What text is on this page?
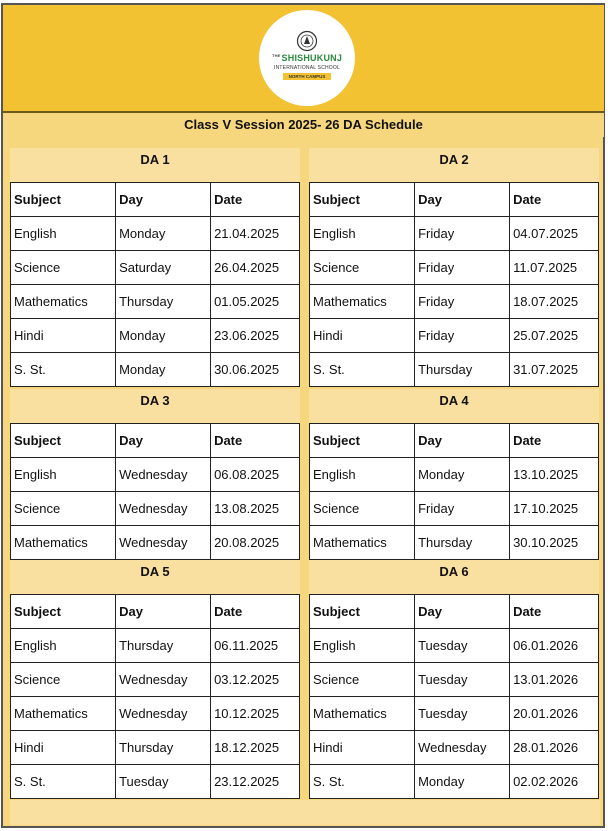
$^{THE}$SHISHUKUNJ
INTERNATIONAL SCHOOL
NORTH CAMPUS
Class V Session 2025- 26 DA Schedule
DA 1
Subject	Day	Date
English	Monday	21.04.2025
Science	Saturday	26.04.2025
Mathematics	Thursday	01.05.2025
Hindi	Monday	23.06.2025
S. St.	Monday	30.06.2025
DA 2
Subject	Day	Date
English	Friday	04.07.2025
Science	Friday	11.07.2025
Mathematics	Friday	18.07.2025
Hindi	Friday	25.07.2025
S. St.	Thursday	31.07.2025
DA 3
Subject	Day	Date
English	Wednesday	06.08.2025
Science	Wednesday	13.08.2025
Mathematics	Wednesday	20.08.2025
DA 4
Subject	Day	Date
English	Monday	13.10.2025
Science	Friday	17.10.2025
Mathematics	Thursday	30.10.2025
DA 5
Subject	Day	Date
English	Thursday	06.11.2025
Science	Wednesday	03.12.2025
Mathematics	Wednesday	10.12.2025
Hindi	Thursday	18.12.2025
S. St.	Tuesday	23.12.2025
DA 6
Subject	Day	Date
English	Tuesday	06.01.2026
Science	Tuesday	13.01.2026
Mathematics	Tuesday	20.01.2026
Hindi	Wednesday	28.01.2026
S. St.	Monday	02.02.2026
